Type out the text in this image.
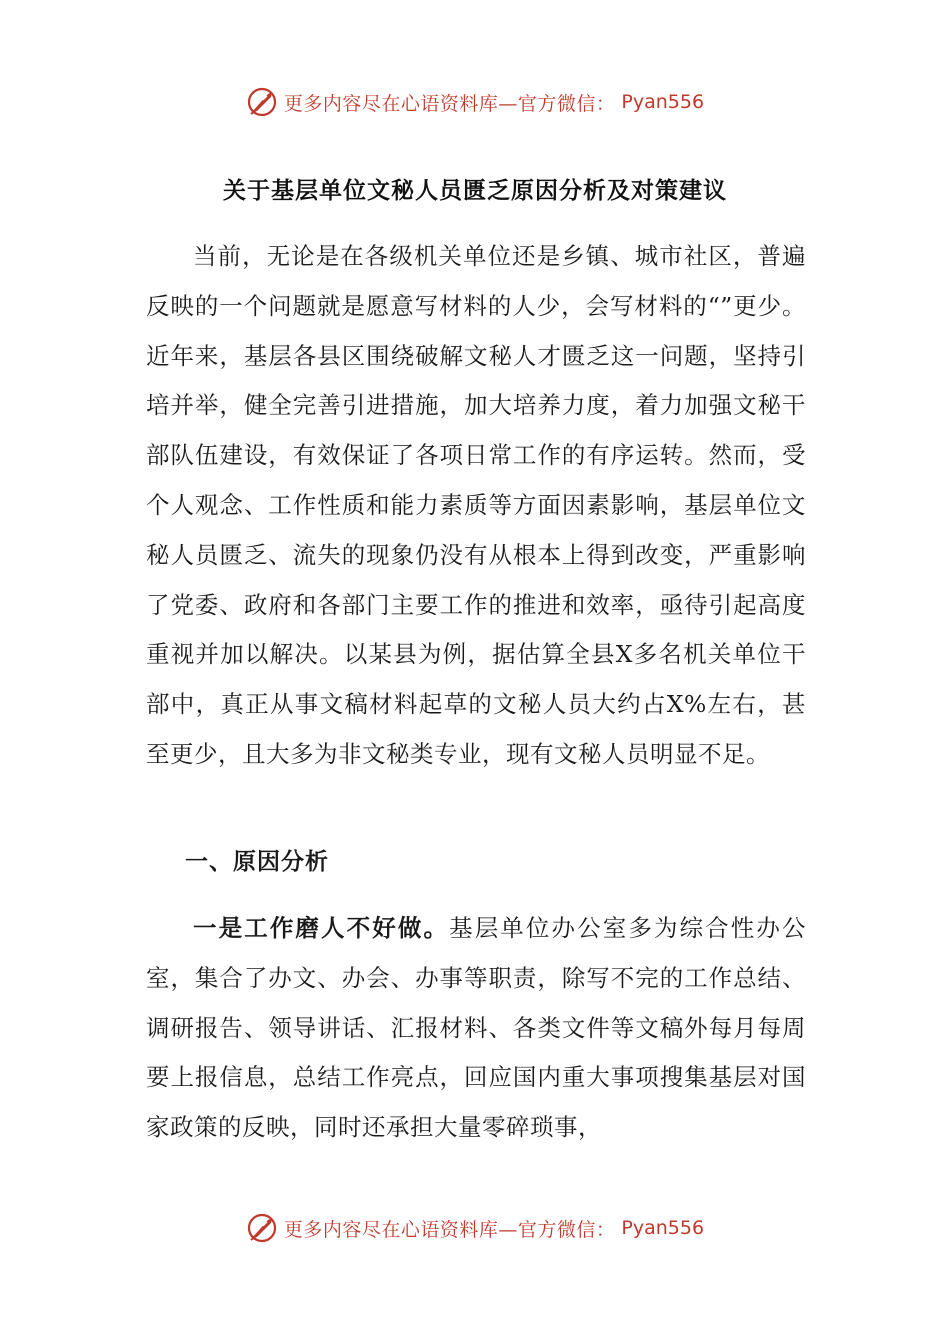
更多内容尽在心语资料库—官方微信： Pyan556
关于基层单位文秘人员匮乏原因分析及对策建议

当前，无论是在各级机关单位还是乡镇、城市社区，普遍反映的一个问题就是愿意写材料的人少，会写材料的“”更少。近年来，基层各县区围绕破解文秘人才匮乏这一问题，坚持引培并举，健全完善引进措施，加大培养力度，着力加强文秘干部队伍建设，有效保证了各项日常工作的有序运转。然而，受个人观念、工作性质和能力素质等方面因素影响，基层单位文秘人员匮乏、流失的现象仍没有从根本上得到改变，严重影响了党委、政府和各部门主要工作的推进和效率，亟待引起高度重视并加以解决。以某县为例，据估算全县X多名机关单位干部中，真正从事文稿材料起草的文秘人员大约占X%左右，甚至更少，且大多为非文秘类专业，现有文秘人员明显不足。

一、原因分析

一是工作磨人不好做。基层单位办公室多为综合性办公室，集合了办文、办会、办事等职责，除写不完的工作总结、调研报告、领导讲话、汇报材料、各类文件等文稿外每月每周要上报信息，总结工作亮点，回应国内重大事项搜集基层对国家政策的反映，同时还承担大量零碎琐事，

更多内容尽在心语资料库—官方微信： Pyan556
